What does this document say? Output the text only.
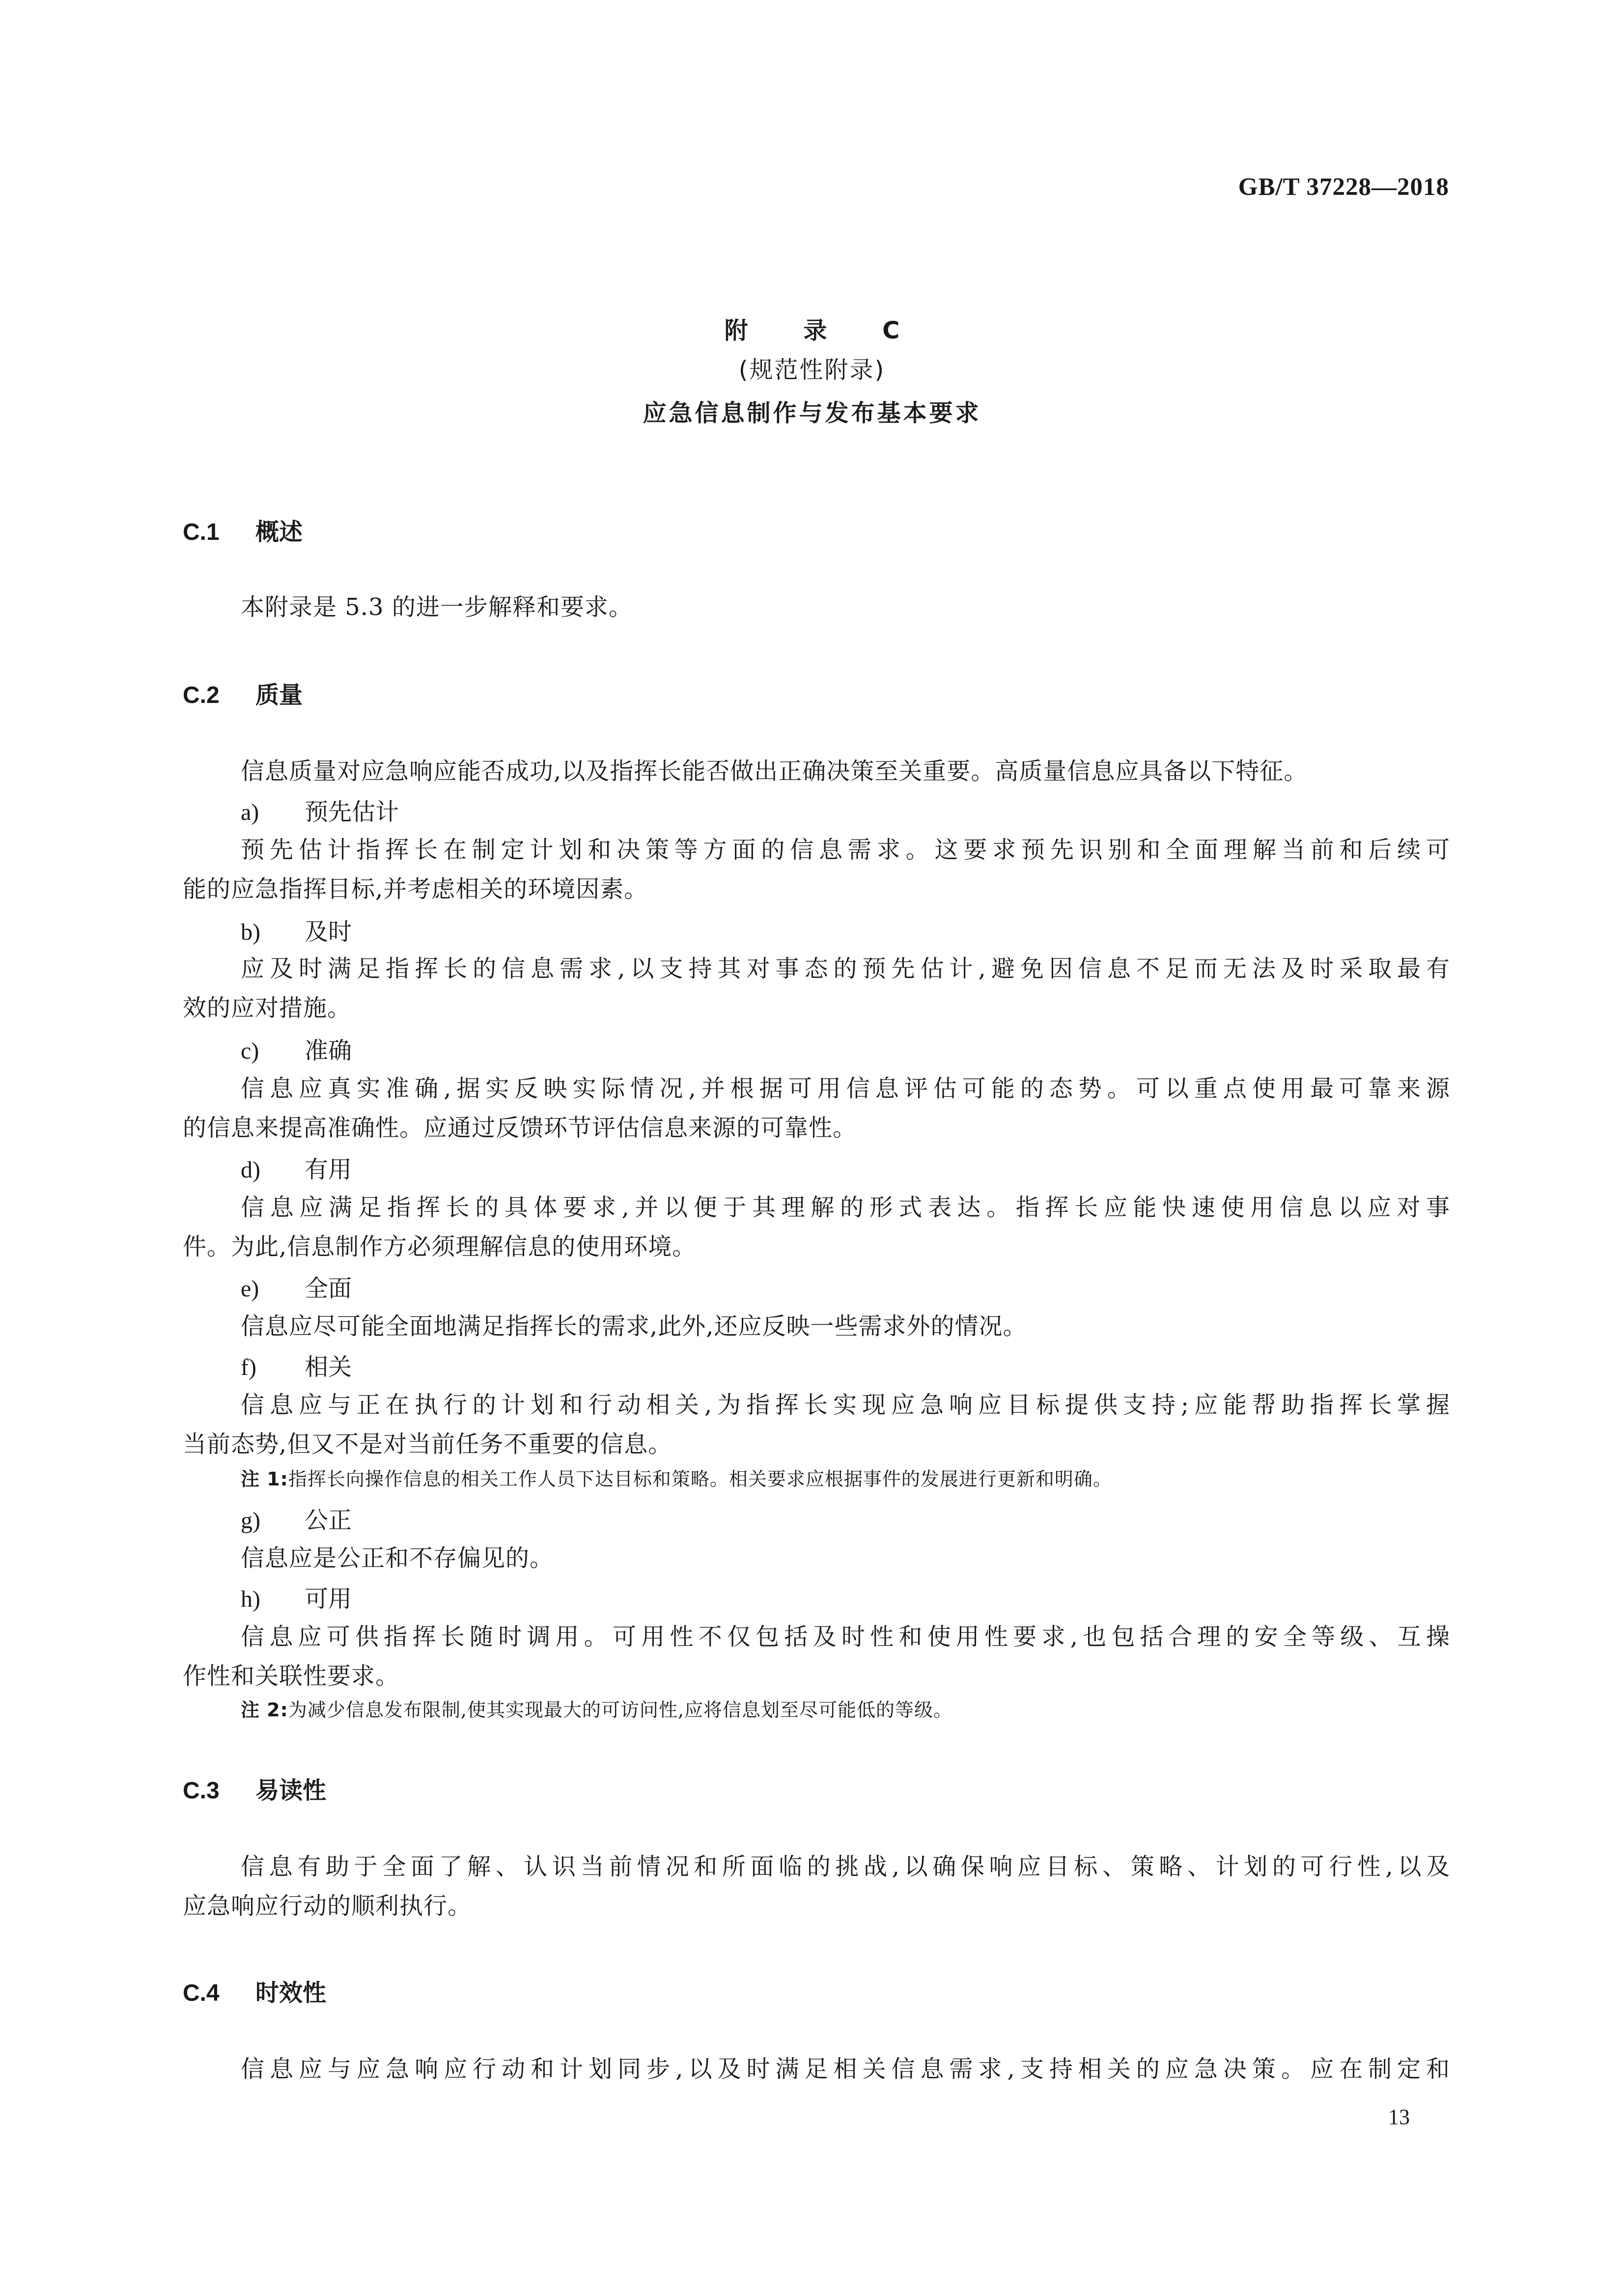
GB/T 37228—2018
附 录 C
(规范性附录)
应急信息制作与发布基本要求
C.1 概述
本附录是 5.3 的进一步解释和要求。
C.2 质量
信息质量对应急响应能否成功,以及指挥长能否做出正确决策至关重要。高质量信息应具备以下特征。
a) 预先估计
预先估计指挥长在制定计划和决策等方面的信息需求。这要求预先识别和全面理解当前和后续可
能的应急指挥目标,并考虑相关的环境因素。
b) 及时
应及时满足指挥长的信息需求,以支持其对事态的预先估计,避免因信息不足而无法及时采取最有
效的应对措施。
c) 准确
信息应真实准确,据实反映实际情况,并根据可用信息评估可能的态势。可以重点使用最可靠来源
的信息来提高准确性。应通过反馈环节评估信息来源的可靠性。
d) 有用
信息应满足指挥长的具体要求,并以便于其理解的形式表达。指挥长应能快速使用信息以应对事
件。为此,信息制作方必须理解信息的使用环境。
e) 全面
信息应尽可能全面地满足指挥长的需求,此外,还应反映一些需求外的情况。
f) 相关
信息应与正在执行的计划和行动相关,为指挥长实现应急响应目标提供支持;应能帮助指挥长掌握
当前态势,但又不是对当前任务不重要的信息。
注 1:指挥长向操作信息的相关工作人员下达目标和策略。相关要求应根据事件的发展进行更新和明确。
g) 公正
信息应是公正和不存偏见的。
h) 可用
信息应可供指挥长随时调用。可用性不仅包括及时性和使用性要求,也包括合理的安全等级、互操
作性和关联性要求。
注 2:为减少信息发布限制,使其实现最大的可访问性,应将信息划至尽可能低的等级。
C.3 易读性
信息有助于全面了解、认识当前情况和所面临的挑战,以确保响应目标、策略、计划的可行性,以及
应急响应行动的顺利执行。
C.4 时效性
信息应与应急响应行动和计划同步,以及时满足相关信息需求,支持相关的应急决策。应在制定和
13
